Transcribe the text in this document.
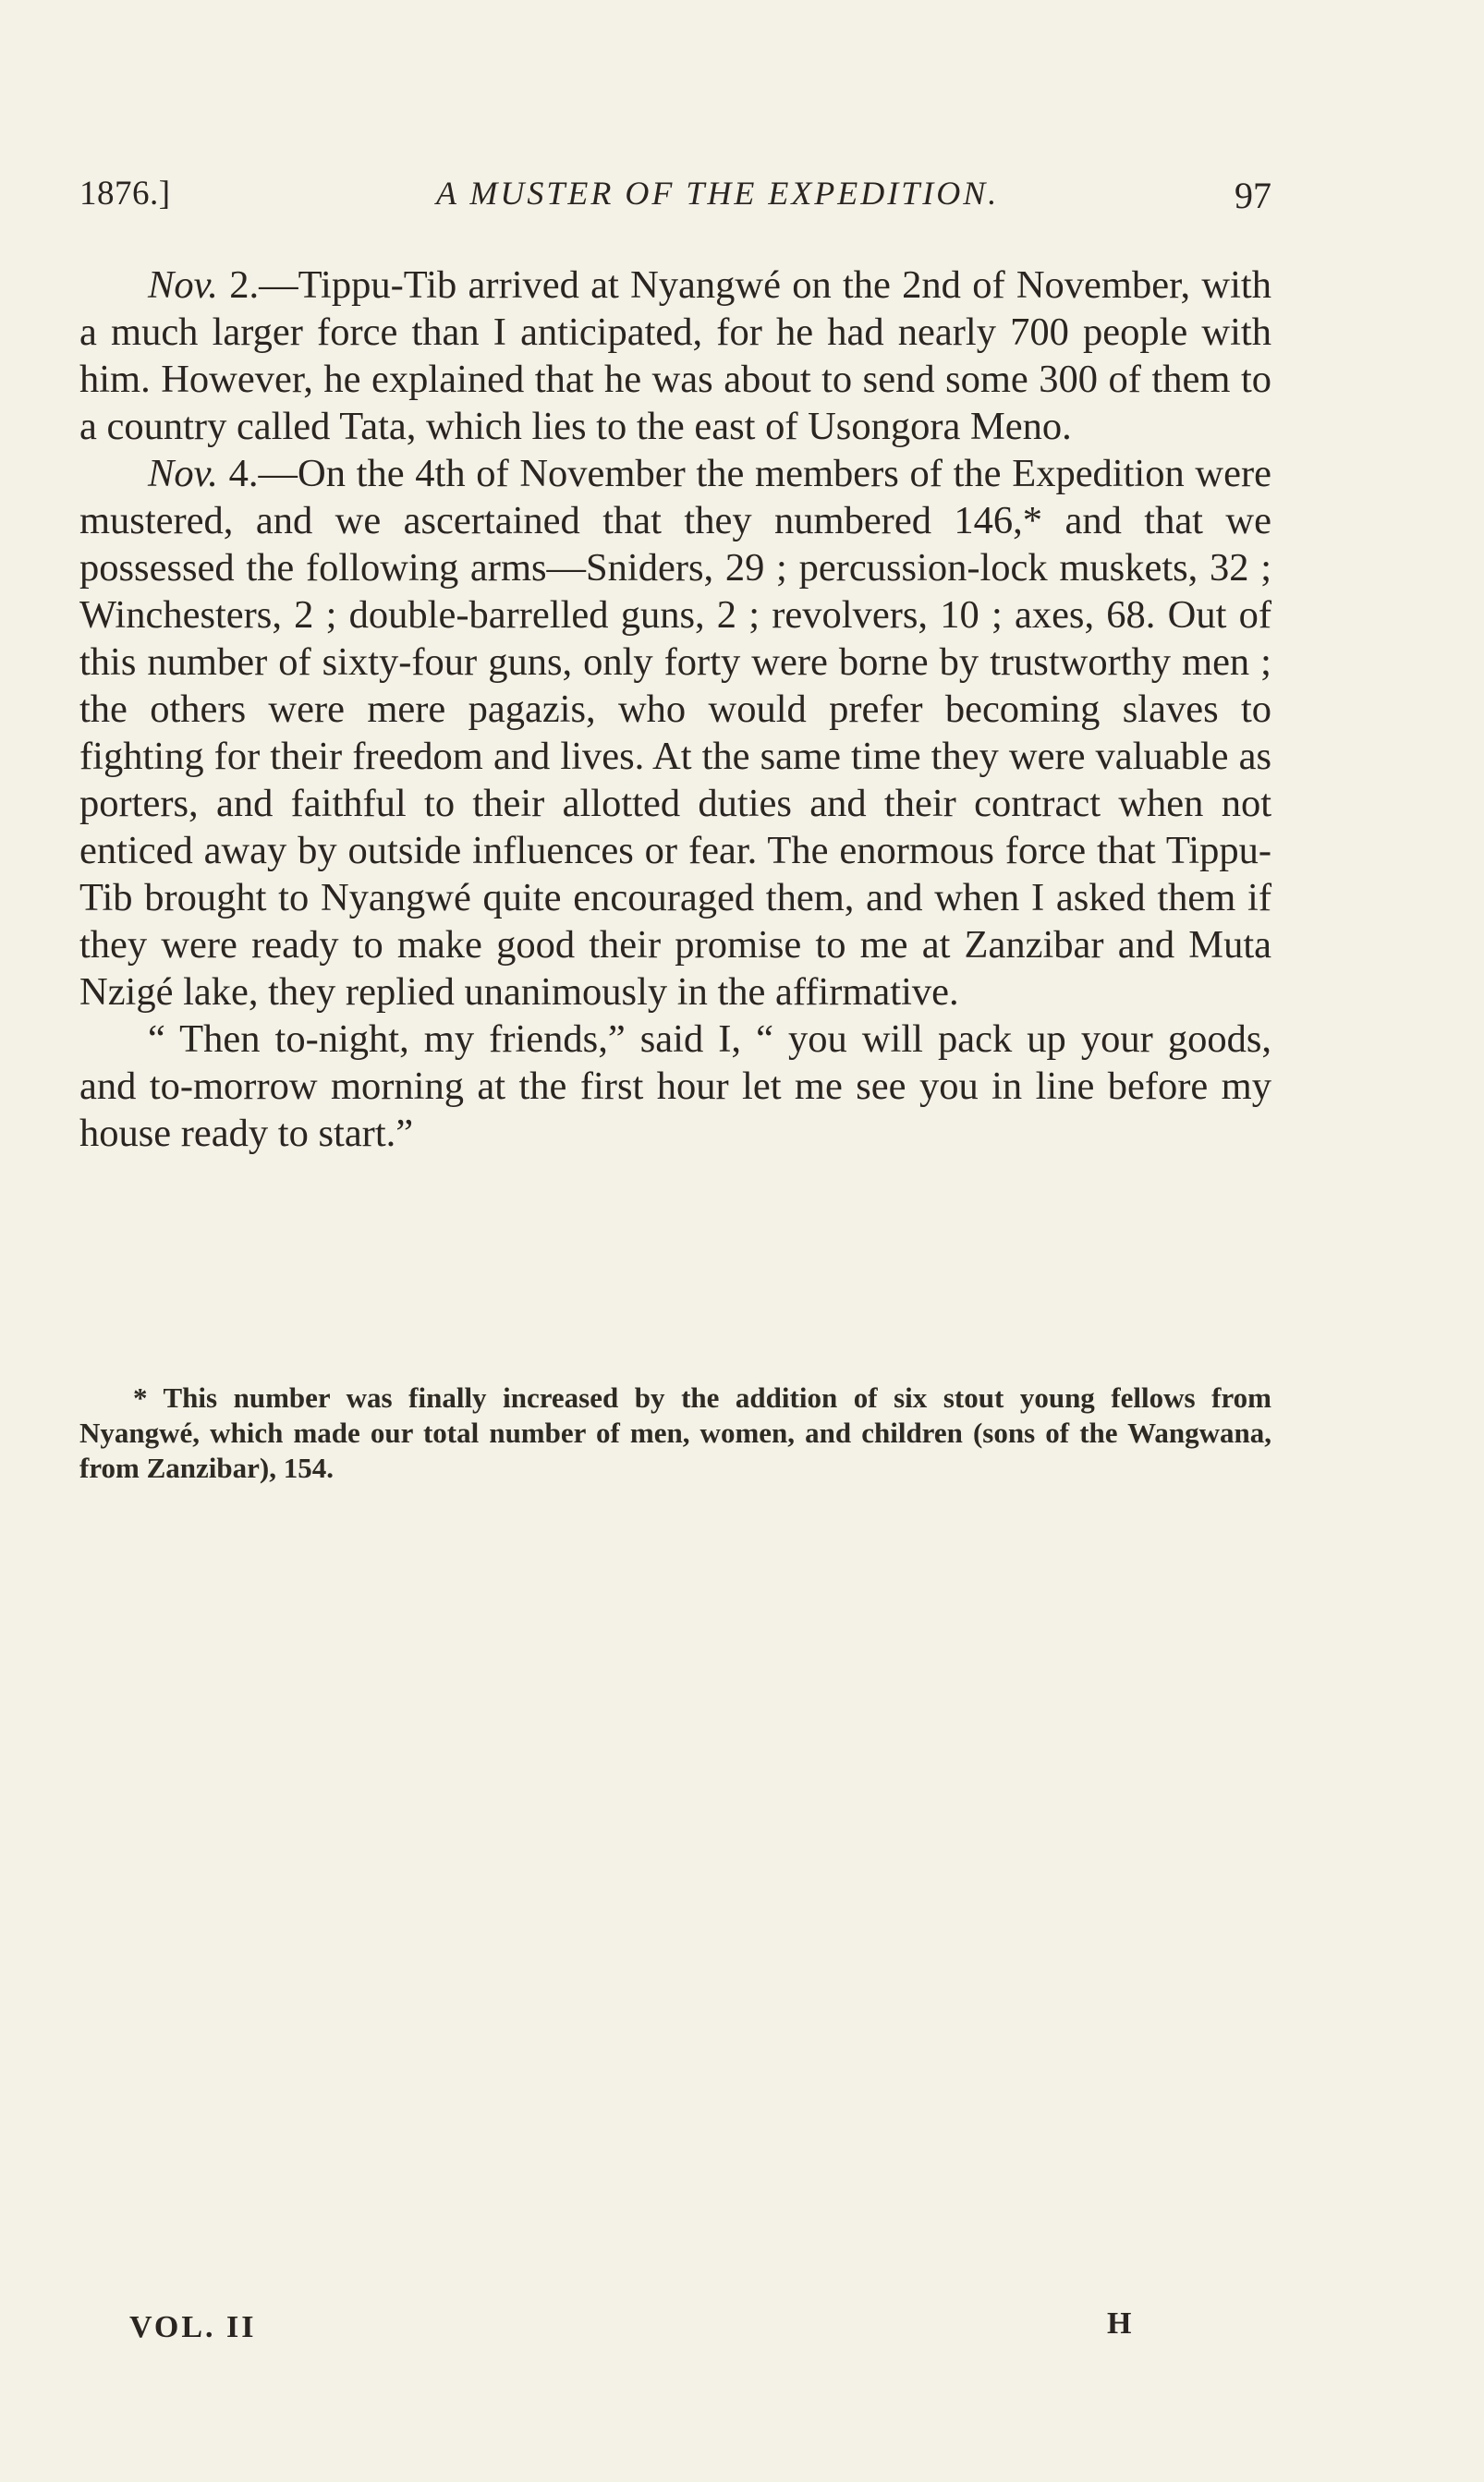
1876.]	A MUSTER OF THE EXPEDITION.	97

Nov. 2.—Tippu-Tib arrived at Nyangwé on the 2nd of November, with a much larger force than I anticipated, for he had nearly 700 people with him. However, he explained that he was about to send some 300 of them to a country called Tata, which lies to the east of Usongora Meno.

Nov. 4.—On the 4th of November the members of the Expedition were mustered, and we ascertained that they numbered 146,* and that we possessed the following arms—Sniders, 29 ; percussion-lock muskets, 32 ; Winchesters, 2 ; double-barrelled guns, 2 ; revolvers, 10 ; axes, 68. Out of this number of sixty-four guns, only forty were borne by trustworthy men ; the others were mere pagazis, who would prefer becoming slaves to fighting for their freedom and lives. At the same time they were valuable as porters, and faithful to their allotted duties and their contract when not enticed away by outside influences or fear. The enormous force that Tippu-Tib brought to Nyangwé quite encouraged them, and when I asked them if they were ready to make good their promise to me at Zanzibar and Muta Nzigé lake, they replied unanimously in the affirmative.

“ Then to-night, my friends,” said I, “ you will pack up your goods, and to-morrow morning at the first hour let me see you in line before my house ready to start.”

* This number was finally increased by the addition of six stout young fellows from Nyangwé, which made our total number of men, women, and children (sons of the Wangwana, from Zanzibar), 154.

VOL. II	H
